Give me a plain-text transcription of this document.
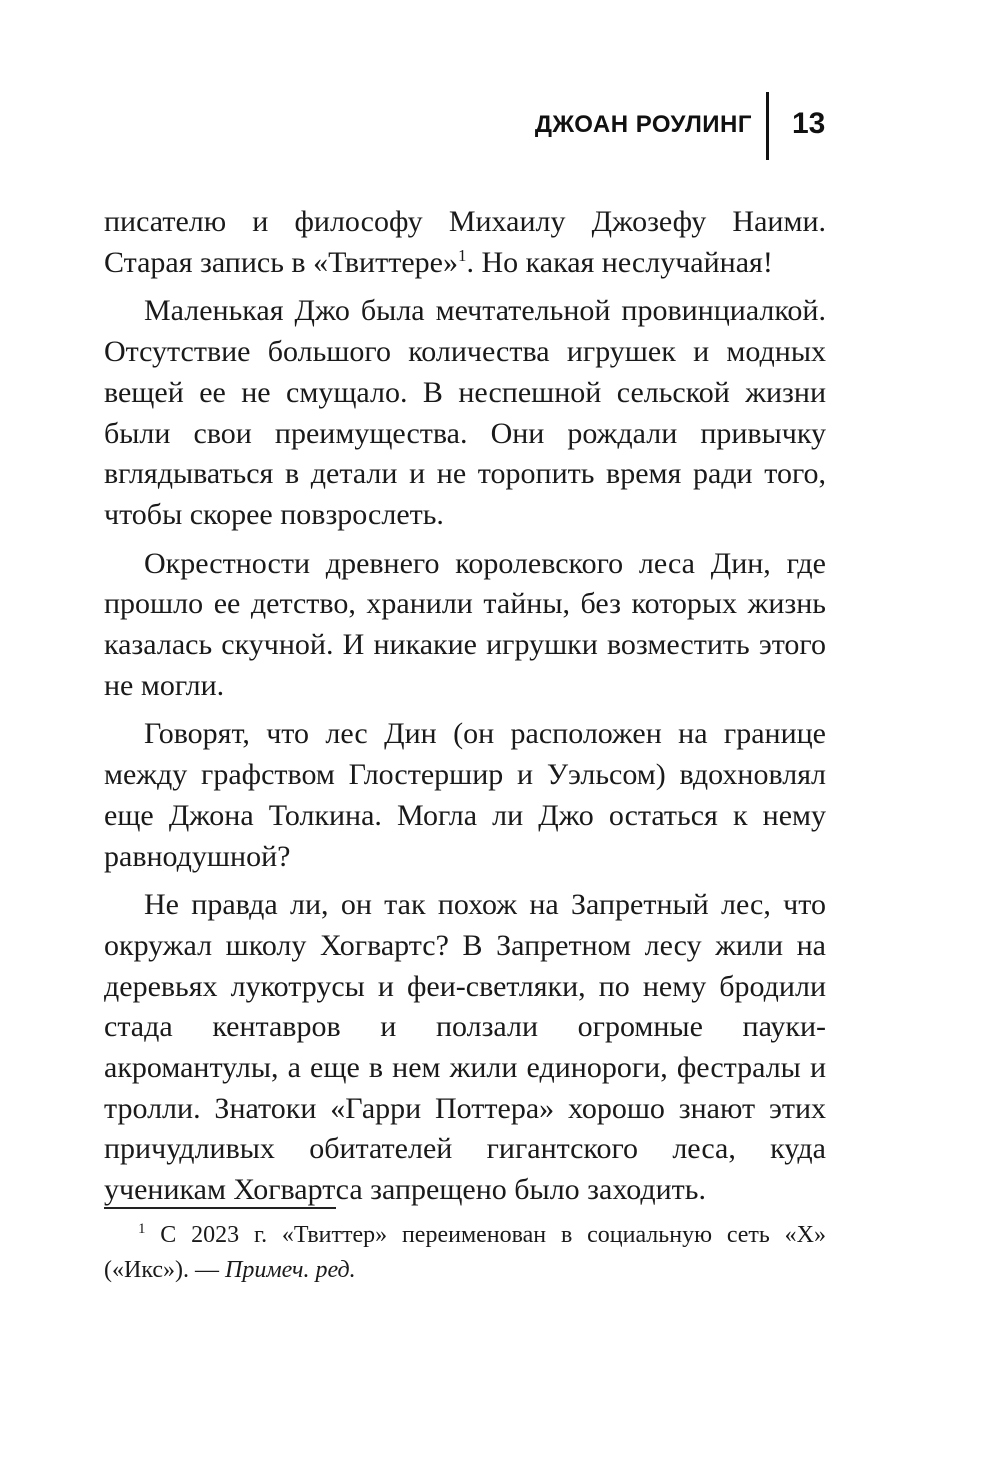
ДЖОАН РОУЛИНГ 13

писателю и философу Михаилу Джозефу Наими. Старая запись в «Твиттере»$^1$. Но какая неслучайная!

Маленькая Джо была мечтательной провинциалкой. Отсутствие большого количества игрушек и модных вещей ее не смущало. В неспешной сельской жизни были свои преимущества. Они рождали привычку вглядываться в детали и не торопить время ради того, чтобы скорее повзрослеть.

Окрестности древнего королевского леса Дин, где прошло ее детство, хранили тайны, без которых жизнь казалась скучной. И никакие игрушки возместить этого не могли.

Говорят, что лес Дин (он расположен на границе между графством Глостершир и Уэльсом) вдохновлял еще Джона Толкина. Могла ли Джо остаться к нему равнодушной?

Не правда ли, он так похож на Запретный лес, что окружал школу Хогвартс? В Запретном лесу жили на деревьях лукотрусы и феи-светляки, по нему бродили стада кентавров и ползали огромные пауки-акромантулы, а еще в нем жили единороги, фестралы и тролли. Знатоки «Гарри Поттера» хорошо знают этих причудливых обитателей гигантского леса, куда ученикам Хогвартса запрещено было заходить.

$^1$ С 2023 г. «Твиттер» переименован в социальную сеть «X» («Икс»). — Примеч. ред.
